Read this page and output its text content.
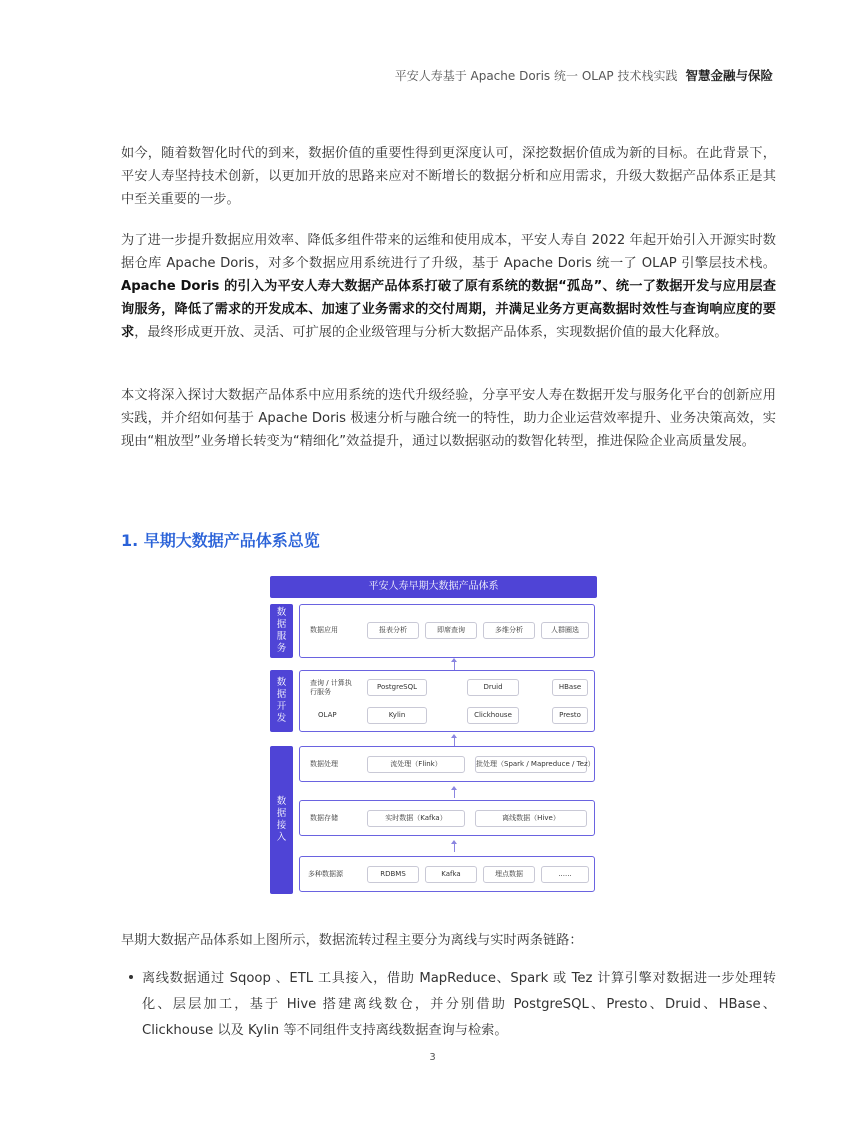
平安人寿基于 Apache Doris 统一 OLAP 技术栈实践 智慧金融与保险

如今，随着数智化时代的到来，数据价值的重要性得到更深度认可，深挖数据价值成为新的目标。在此背景下，平安人寿坚持技术创新，以更加开放的思路来应对不断增长的数据分析和应用需求，升级大数据产品体系正是其中至关重要的一步。

为了进一步提升数据应用效率、降低多组件带来的运维和使用成本，平安人寿自 2022 年起开始引入开源实时数据仓库 Apache Doris，对多个数据应用系统进行了升级，基于 Apache Doris 统一了 OLAP 引擎层技术栈。Apache Doris 的引入为平安人寿大数据产品体系打破了原有系统的数据“孤岛”、统一了数据开发与应用层查询服务，降低了需求的开发成本、加速了业务需求的交付周期，并满足业务方更高数据时效性与查询响应度的要求，最终形成更开放、灵活、可扩展的企业级管理与分析大数据产品体系，实现数据价值的最大化释放。

本文将深入探讨大数据产品体系中应用系统的迭代升级经验，分享平安人寿在数据开发与服务化平台的创新应用实践，并介绍如何基于 Apache Doris 极速分析与融合统一的特性，助力企业运营效率提升、业务决策高效，实现由“粗放型”业务增长转变为“精细化”效益提升，通过以数据驱动的数智化转型，推进保险企业高质量发展。

1. 早期大数据产品体系总览
平安人寿早期大数据产品体系
数据服务
数据应用	报表分析	即席查询	多维分析	人群圈选
数据开发
查询 / 计算执行服务
PostgreSQL	Druid	HBase
OLAP	Kylin	Clickhouse	Presto
数据接入
数据处理	流处理（Flink）	批处理（Spark / Mapreduce / Tez）
数据存储	实时数据（Kafka）	离线数据（Hive）
多种数据源	RDBMS	Kafka	埋点数据	......

早期大数据产品体系如上图所示，数据流转过程主要分为离线与实时两条链路：

离线数据通过 Sqoop 、ETL 工具接入，借助 MapReduce、Spark 或 Tez 计算引擎对数据进一步处理转化、层层加工，基于 Hive 搭建离线数仓，并分别借助 PostgreSQL、Presto、Druid、HBase、Clickhouse 以及 Kylin 等不同组件支持离线数据查询与检索。

3
